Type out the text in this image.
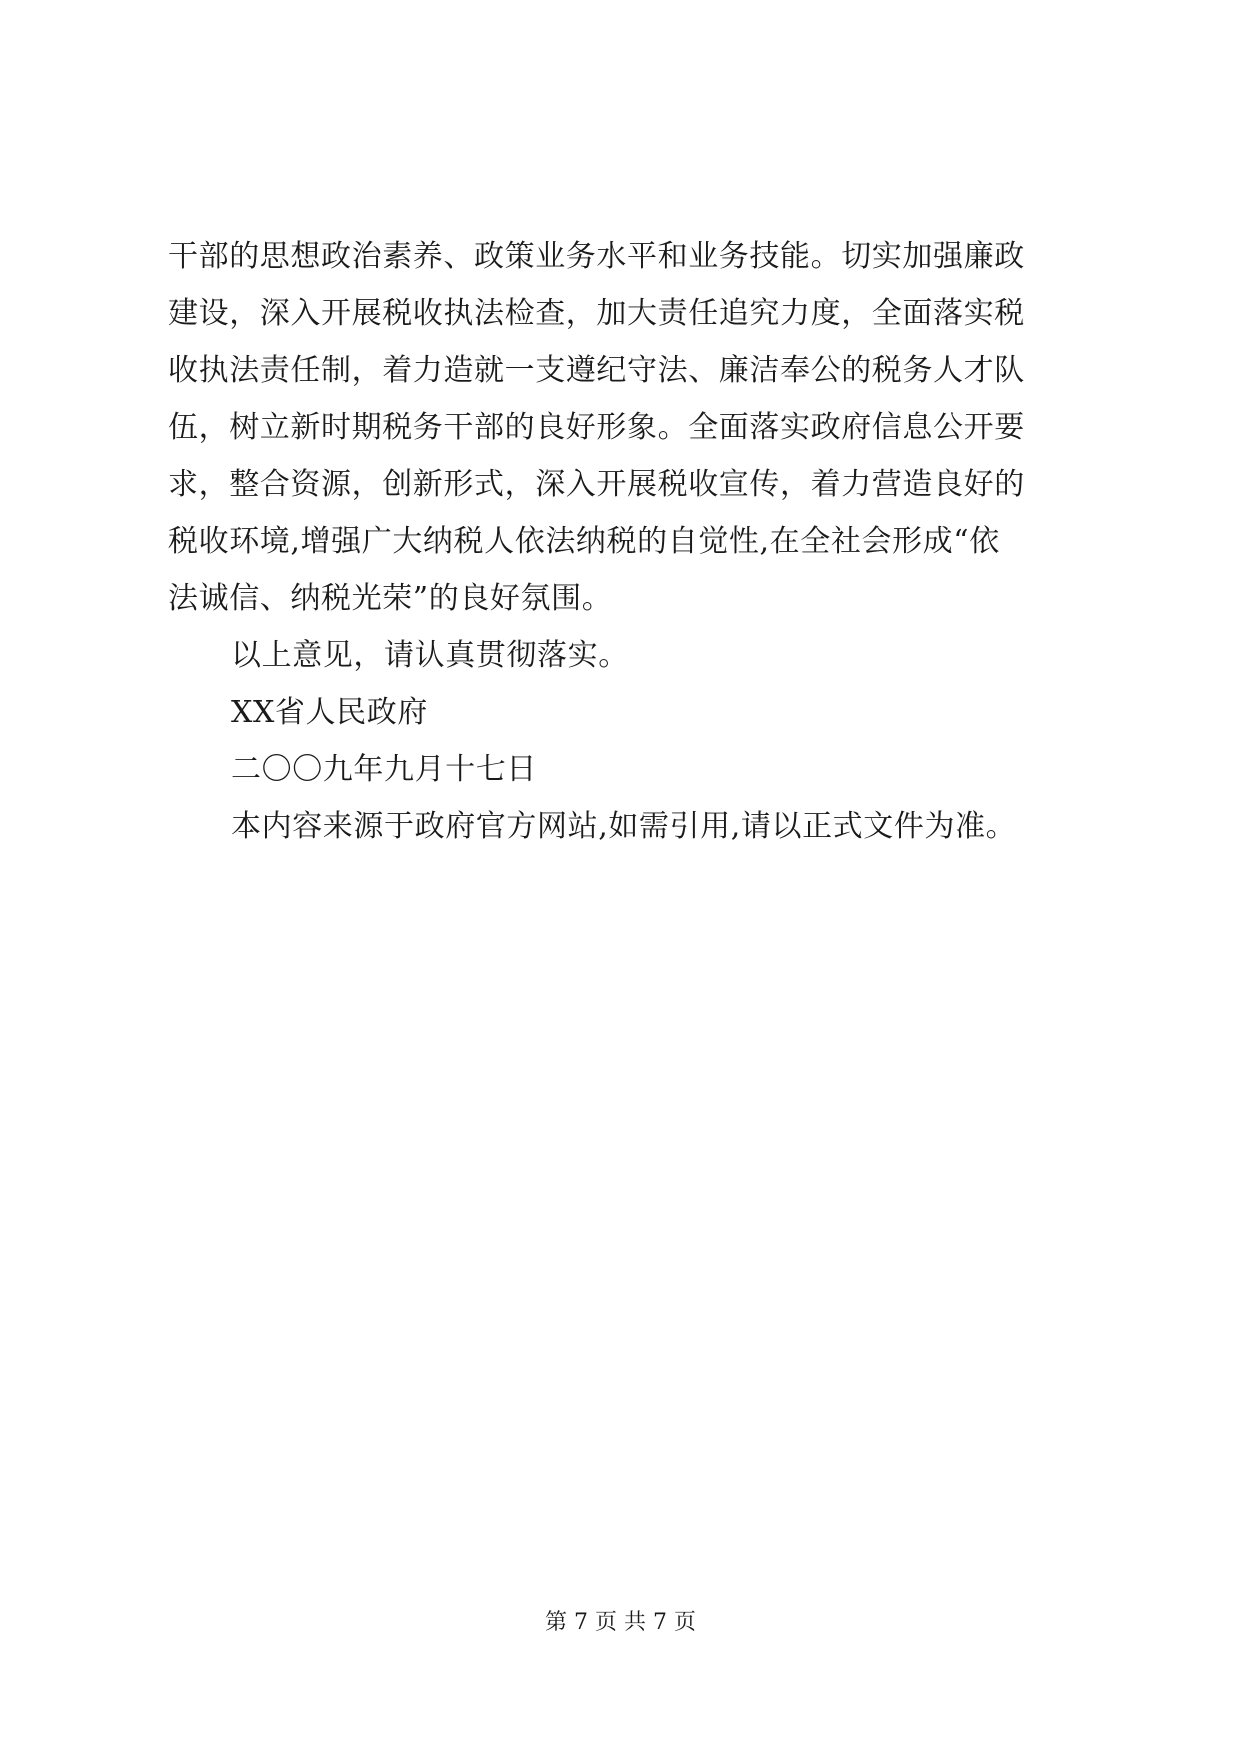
干部的思想政治素养、政策业务水平和业务技能。切实加强廉政

建设，深入开展税收执法检查，加大责任追究力度，全面落实税

收执法责任制，着力造就一支遵纪守法、廉洁奉公的税务人才队

伍，树立新时期税务干部的良好形象。全面落实政府信息公开要

求，整合资源，创新形式，深入开展税收宣传，着力营造良好的

税收环境,增强广大纳税人依法纳税的自觉性,在全社会形成“依

法诚信、纳税光荣”的良好氛围。

以上意见，请认真贯彻落实。

XX省人民政府

二〇〇九年九月十七日

本内容来源于政府官方网站,如需引用,请以正式文件为准。

第 7 页 共 7 页
